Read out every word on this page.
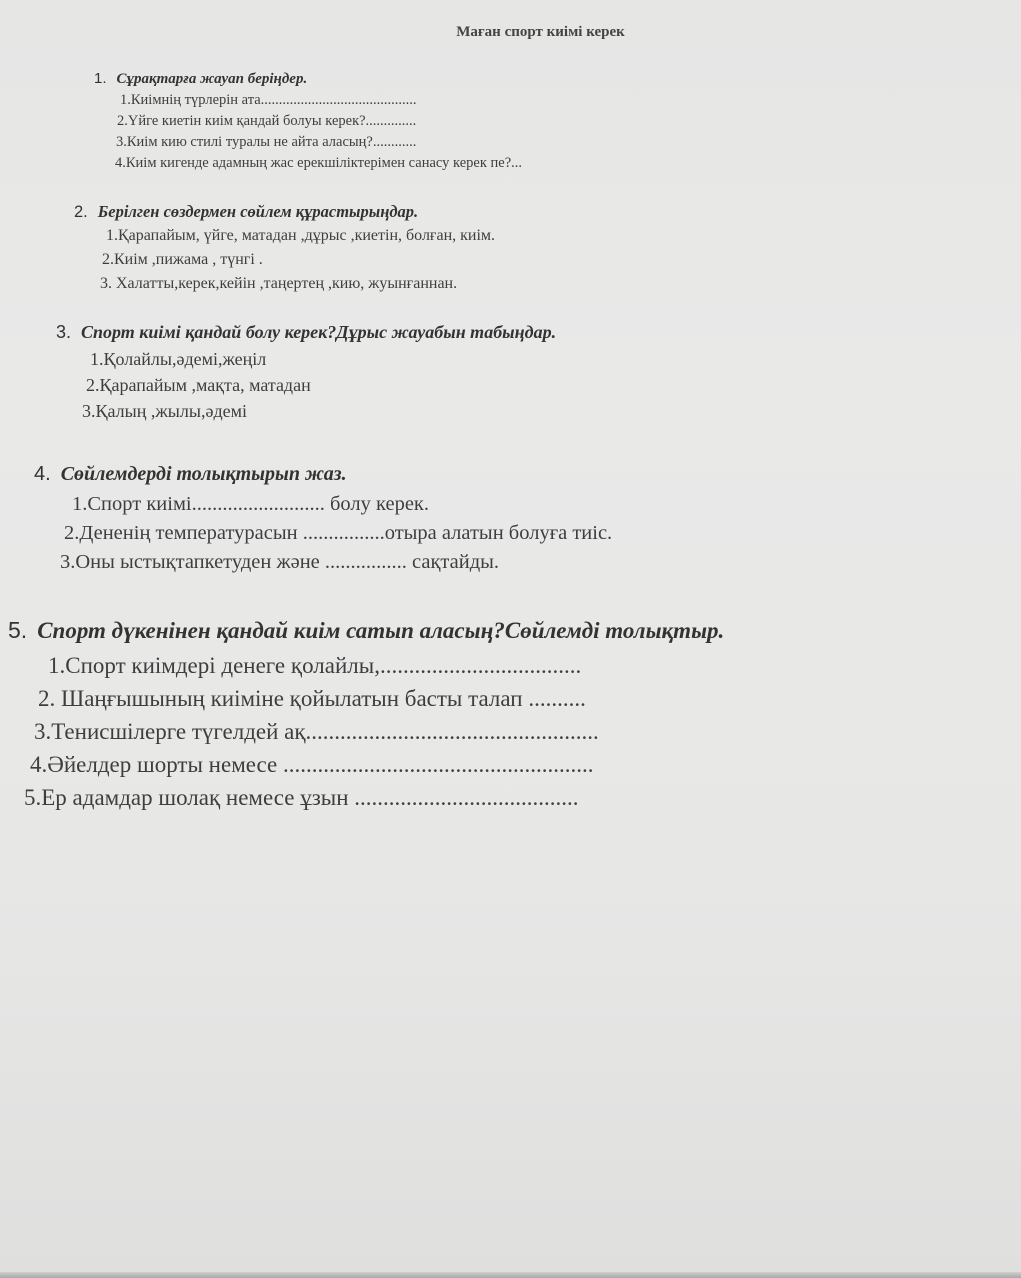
Маған спорт киімі керек
1. Сұрақтарға жауап беріңдер.
1.Киімнің түрлерін ата...........................................
2.Үйге киетін киім қандай болуы керек?..............
3.Киім кию стилі туралы не айта аласың?............
4.Киім кигенде адамның жас ерекшіліктерімен санасу керек пе?...
2. Берілген сөздермен сөйлем құрастырыңдар.
1.Қарапайым, үйге, матадан ,дұрыс ,киетін, болған, киім.
2.Киім ,пижама , түнгі .
3. Халатты,керек,кейін ,таңертең ,кию, жуынғаннан.
3. Спорт киімі қандай болу керек?Дұрыс жауабын табыңдар.
1.Қолайлы,әдемі,жеңіл
2.Қарапайым ,мақта, матадан
3.Қалың ,жылы,әдемі
4. Сөйлемдерді толықтырып жаз.
1.Спорт киімі.......................... болу керек.
2.Дененің температурасын ................отыра алатын болуға тиіс.
3.Оны ыстықтапкетуден және ................ сақтайды.
5. Спорт дүкенінен қандай киім сатып аласың?Сөйлемді толықтыр.
1.Спорт киімдері денеге қолайлы,...................................
2. Шаңғышының киіміне қойылатын басты талап ..........
3.Тенисшілерге түгелдей ақ...................................................
4.Әйелдер шорты немесе ......................................................
5.Ер адамдар шолақ немесе ұзын .......................................
